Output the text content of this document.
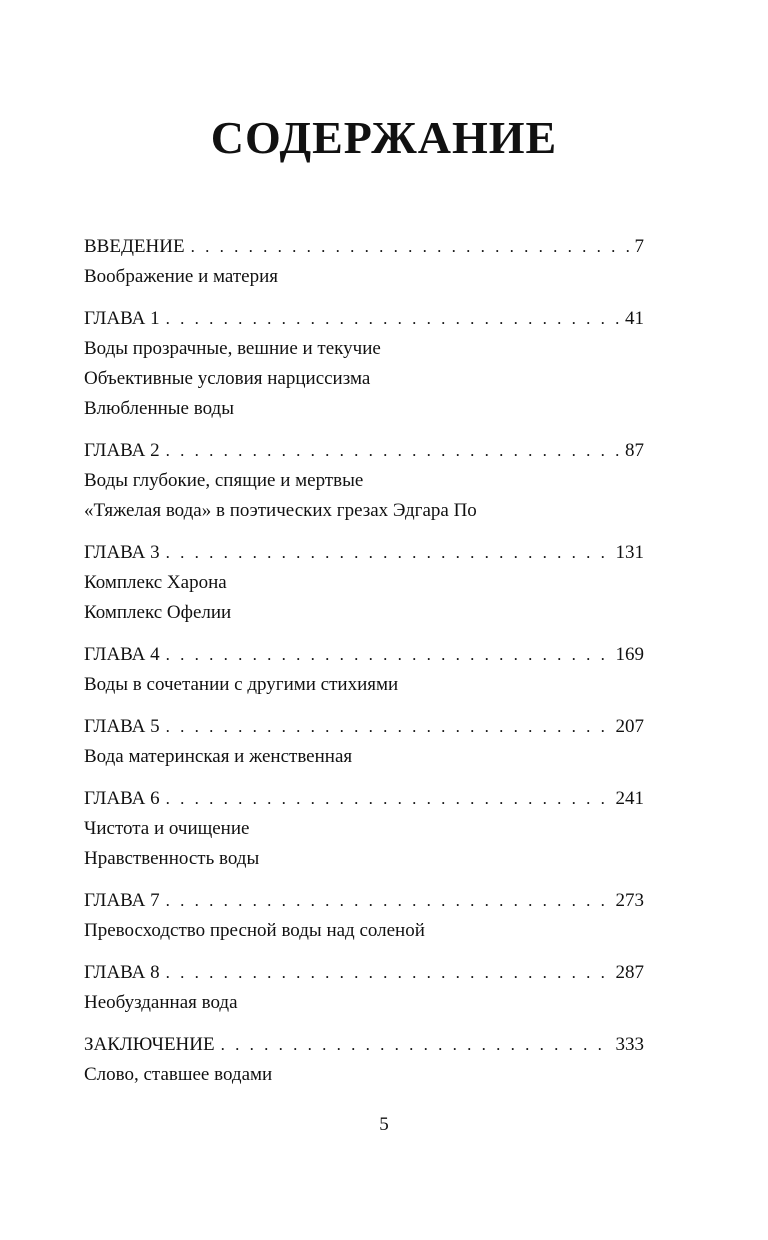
СОДЕРЖАНИЕ
ВВЕДЕНИЕ . . .	7
Воображение и материя
ГЛАВА 1 . . .	41
Воды прозрачные, вешние и текучие
Объективные условия нарциссизма
Влюбленные воды
ГЛАВА 2 . . .	87
Воды глубокие, спящие и мертвые
«Тяжелая вода» в поэтических грезах Эдгара По
ГЛАВА 3 . . .	131
Комплекс Харона
Комплекс Офелии
ГЛАВА 4 . . .	169
Воды в сочетании с другими стихиями
ГЛАВА 5 . . .	207
Вода материнская и женственная
ГЛАВА 6 . . .	241
Чистота и очищение
Нравственность воды
ГЛАВА 7 . . .	273
Превосходство пресной воды над соленой
ГЛАВА 8 . . .	287
Необузданная вода
ЗАКЛЮЧЕНИЕ . . .	333
Слово, ставшее водами
5
